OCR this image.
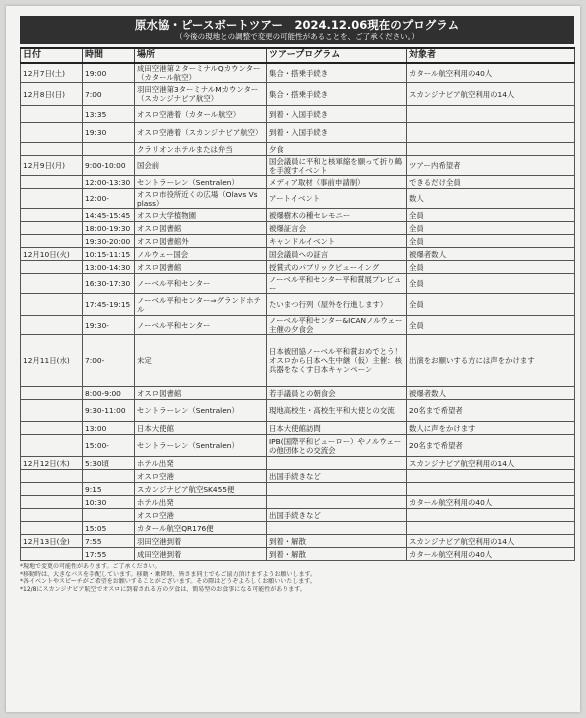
原水協・ピースボートツアー　2024.12.06現在のプログラム
（今後の現地との調整で変更の可能性があることを、ご了承ください。）
日付	時間	場所	ツアープログラム	対象者
12月7日(土)	19:00	成田空港第２ターミナルQカウンター（カタール航空）	集合・搭乗手続き	カタール航空利用の40人
12月8日(日)	7:00	羽田空港第3ターミナルMカウンター（スカンジナビア航空）	集合・搭乗手続き	スカンジナビア航空利用の14人
	13:35	オスロ空港着（カタール航空）	到着・入国手続き	
	19:30	オスロ空港着（スカンジナビア航空）	到着・入国手続き	
		クラリオンホテルまたは弁当	夕食	
12月9日(月)	9:00-10:00	国会前	国会議員に平和と核軍縮を願って折り鶴を手渡すイベント	ツアー内希望者
	12:00-13:30	セントラーレン（Sentralen）	メディア取材（事前申請制）	できるだけ全員
	12:00-	オスロ市役所近くの広場（Olavs Vs plass）	アートイベント	数人
	14:45-15:45	オスロ大学植物園	被爆樹木の種セレモニー	全員
	18:00-19:30	オスロ図書館	被爆証言会	全員
	19:30-20:00	オスロ図書館外	キャンドルイベント	全員
12月10日(火)	10:15-11:15	ノルウェー国会	国会議員への証言	被爆者数人
	13:00-14:30	オスロ図書館	授賞式のパブリックビューイング	全員
	16:30-17:30	ノーベル平和センター	ノーベル平和センター平和賞展プレビュー	全員
	17:45-19:15	ノーベル平和センター⇒グランドホテル	たいまつ行列（屋外を行進します）	全員
	19:30-	ノーベル平和センター	ノーベル平和センター&ICANノルウェー主催の夕食会	全員
12月11日(水)	7:00-	未定	日本被団協ノーベル平和賞おめでとう！オスロから日本へ生中継（仮）主催：核兵器をなくす日本キャンペーン	出演をお願いする方には声をかけます
	8:00-9:00	オスロ図書館	若手議員との朝食会	被爆者数人
	9:30-11:00	セントラーレン（Sentralen）	現地高校生・高校生平和大使との交流	20名まで希望者
	13:00	日本大使館	日本大使館訪問	数人に声をかけます
	15:00-	セントラーレン（Sentralen）	IPB(国際平和ビューロー）やノルウェーの他団体との交流会	20名まで希望者
12月12日(木)	5:30頃	ホテル出発		スカンジナビア航空利用の14人
		オスロ空港	出国手続きなど	
	9:15	スカンジナビア航空SK455便		
	10:30	ホテル出発		カタール航空利用の40人
		オスロ空港	出国手続きなど	
	15:05	カタール航空QR176便		
12月13日(金)	7:55	羽田空港到着	到着・解散	スカンジナビア航空利用の14人
	17:55	成田空港到着	到着・解散	カタール航空利用の40人
*現地で変更の可能性があります。ご了承ください。
*移動時は、大きなバスを手配しています。移動・乗降時、皆さま同士でもご協力頂けますようお願いします。
*各イベントやスピーチがご希望をお願いすることがございます。その際はどうぞよろしくお願いいたします。
*12/8にスカンジナビア航空でオスロに到着される方の夕食は、簡易型のお食事になる可能性があります。
